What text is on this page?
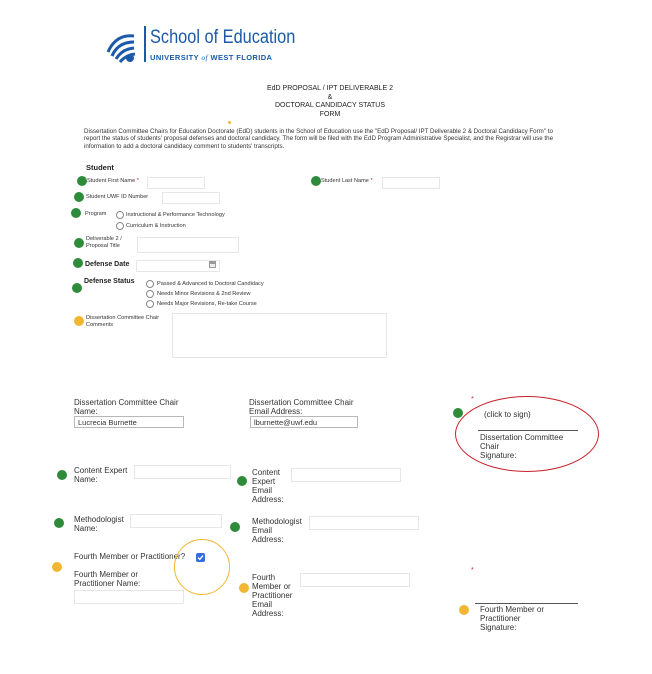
School of Education
UNIVERSITY of WEST FLORIDA
EdD PROPOSAL / IPT DELIVERABLE 2
&
DOCTORAL CANDIDACY STATUS
FORM
Dissertation Committee Chairs for Education Doctorate (EdD) students in the School of Education use the "EdD Proposal/ IPT Deliverable 2 & Doctoral Candidacy Form" to report the status of students' proposal defenses and doctoral candidacy. The form will be filed with the EdD Program Administrative Specialist, and the Registrar will use the information to add a doctoral candidacy comment to students' transcripts.
Student
Student First Name *	Student Last Name *
Student UWF ID Number
Program	Instructional & Performance Technology
Curriculum & Instruction
Deliverable 2 /
Proposal Title
Defense Date
Defense Status	Passed & Advanced to Doctoral Candidacy
Needs Minor Revisions & 2nd Review
Needs Major Revisions, Re-take Course
Dissertation Committee Chair
Comments
Dissertation Committee Chair
Name:
Lucrecia Burnette
Dissertation Committee Chair
Email Address:
lburnette@uwf.edu
*
(click to sign)
Dissertation Committee
Chair
Signature:
Content Expert
Name:
Content
Expert
Email
Address:
Methodologist
Name:
Methodologist
Email
Address:
Fourth Member or Practitioner?
Fourth Member or
Practitioner Name:
Fourth
Member or
Practitioner
Email
Address:
*
Fourth Member or
Practitioner
Signature:
